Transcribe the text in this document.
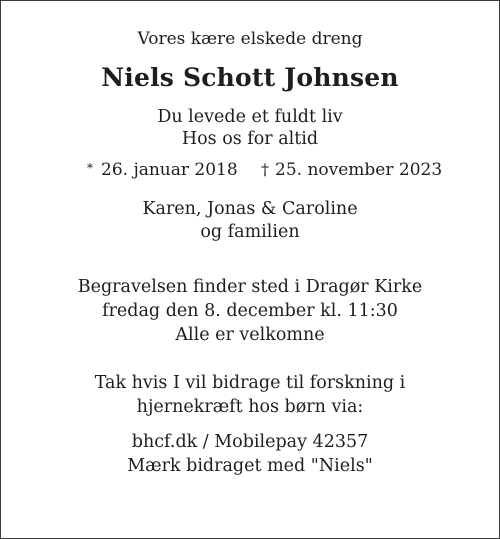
Vores kære elskede dreng
Niels Schott Johnsen
Du levede et fuldt liv
Hos os for altid
* 26. januar 2018 † 25. november 2023
Karen, Jonas & Caroline
og familien
Begravelsen finder sted i Dragør Kirke
fredag den 8. december kl. 11:30
Alle er velkomne
Tak hvis I vil bidrage til forskning i
hjernekræft hos børn via:
bhcf.dk / Mobilepay 42357
Mærk bidraget med "Niels"
